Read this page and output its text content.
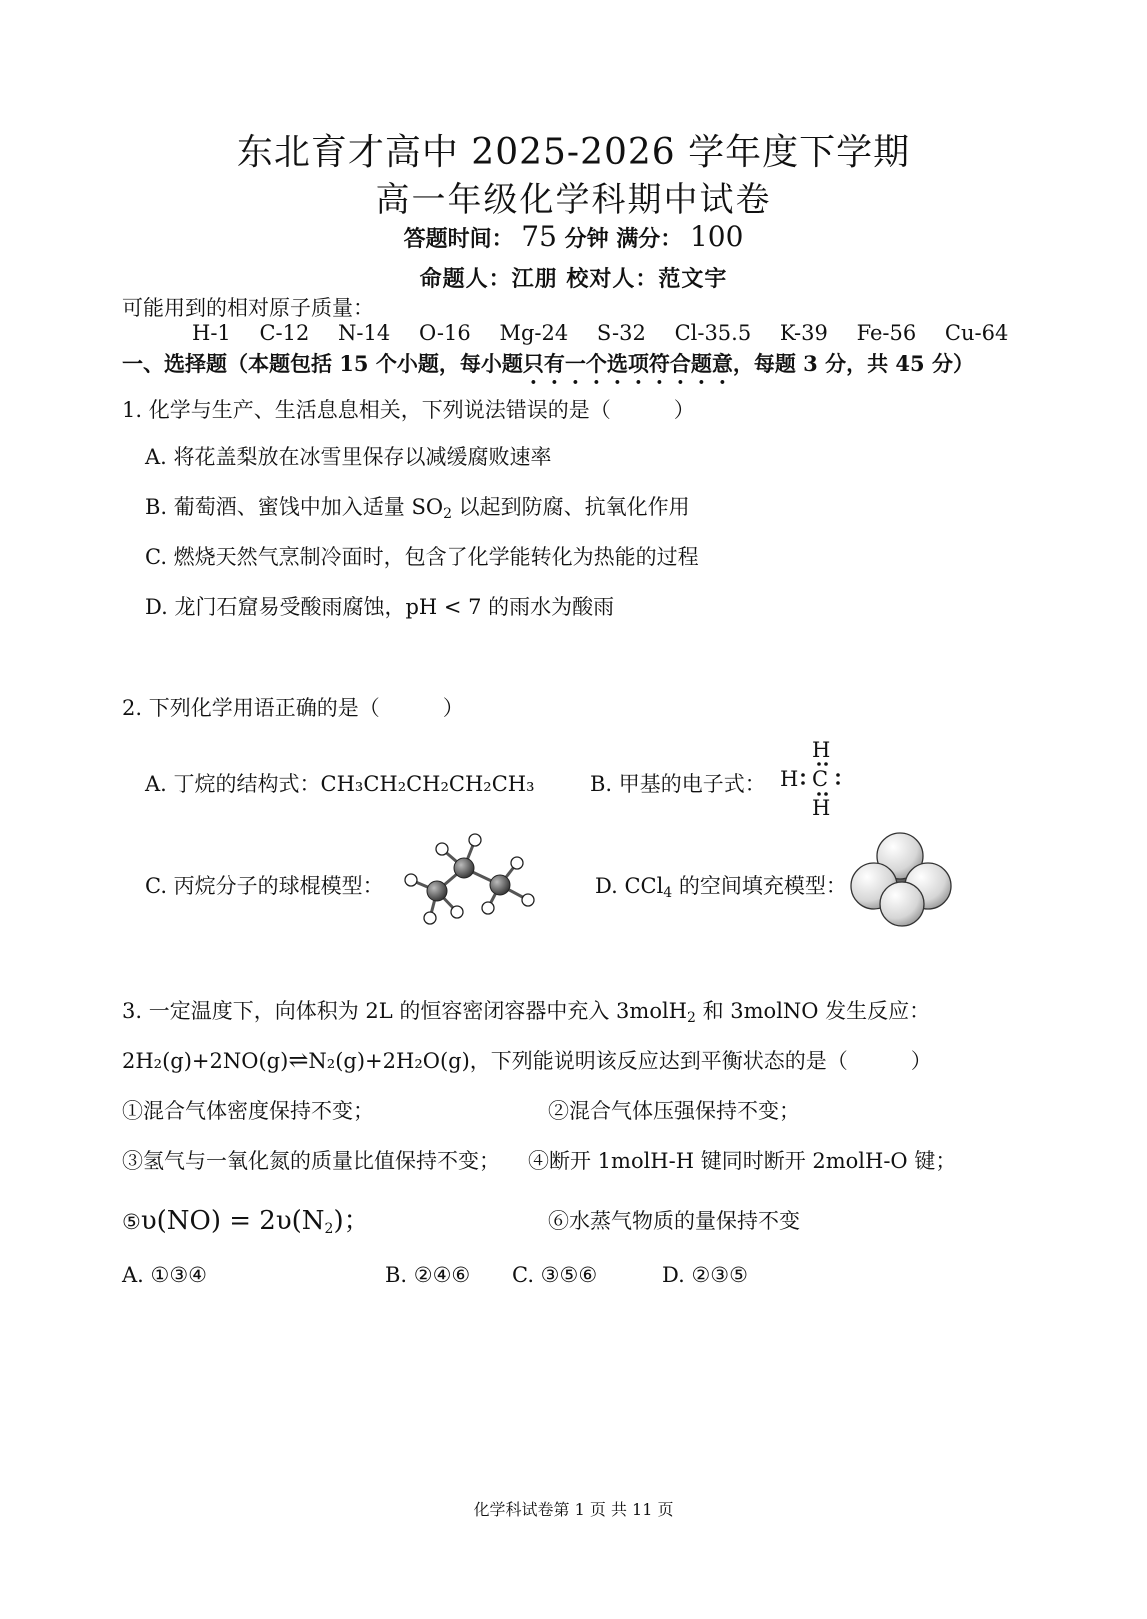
东北育才高中 2025-2026 学年度下学期
高一年级化学科期中试卷
答题时间： 75 分钟 满分： 100
命题人：江朋 校对人：范文宇
可能用到的相对原子质量：
H-1 C-12 N-14 O-16 Mg-24 S-32 Cl-35.5 K-39 Fe-56 Cu-64
一、选择题（本题包括 15 个小题，每小题只有一个选项符合题意，每题 3 分，共 45 分）
1. 化学与生产、生活息息相关，下列说法错误的是（　　　）
A. 将花盖梨放在冰雪里保存以减缓腐败速率
B. 葡萄酒、蜜饯中加入适量 $SO_2$ 以起到防腐、抗氧化作用
C. 燃烧天然气烹制冷面时，包含了化学能转化为热能的过程
D. 龙门石窟易受酸雨腐蚀，pH < 7 的雨水为酸雨
2. 下列化学用语正确的是（　　　）
A. 丁烷的结构式：CH₃CH₂CH₂CH₂CH₃	B. 甲基的电子式：
H
H C
H
C. 丙烷分子的球棍模型：	D. CCl$_4$ 的空间填充模型：
3. 一定温度下，向体积为 2L 的恒容密闭容器中充入 3molH$_2$ 和 3molNO 发生反应：
2H₂(g)+2NO(g)⇌N₂(g)+2H₂O(g)，下列能说明该反应达到平衡状态的是（　　　）
①混合气体密度保持不变；	②混合气体压强保持不变；
③氢气与一氧化氮的质量比值保持不变； ④断开 1molH-H 键同时断开 2molH-O 键；
⑤υ(NO) = $2\upsilon(N_2)$；	⑥水蒸气物质的量保持不变
A. ①③④	B. ②④⑥ C. ③⑤⑥	D. ②③⑤
化学科试卷第 1 页 共 11 页
